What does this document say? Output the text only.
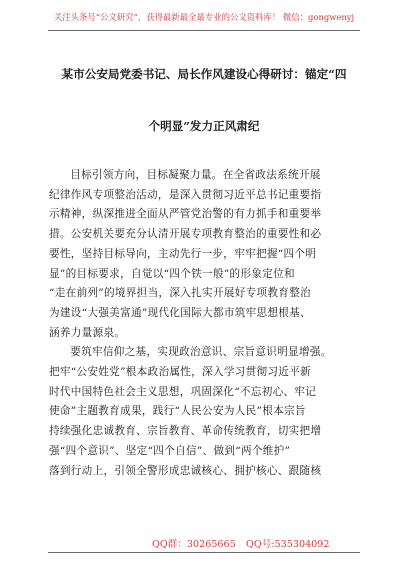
关注头条号“公文研究”，获得最新最全最专业的公文资料库！ 微信：gongwenyj
某市公安局党委书记、局长作风建设心得研讨：锚定“四
个明显”发力正风肃纪

目标引领方向，目标凝聚力量。在全省政法系统开展
纪律作风专项整治活动，是深入贯彻习近平总书记重要指
示精神，纵深推进全面从严管党治警的有力抓手和重要举
措。公安机关要充分认清开展专项教育整治的重要性和必
要性，坚持目标导向，主动先行一步，牢牢把握“四个明
显”的目标要求，自觉以“四个铁一般”的形象定位和
“走在前列”的境界担当，深入扎实开展好专项教育整治
为建设“大强美富通”现代化国际大都市筑牢思想根基、
涵养力量源泉。

要筑牢信仰之基，实现政治意识、宗旨意识明显增强。
把牢“公安姓党”根本政治属性，深入学习贯彻习近平新
时代中国特色社会主义思想，巩固深化“不忘初心、牢记
使命”主题教育成果，践行“人民公安为人民”根本宗旨
持续强化忠诚教育、宗旨教育、革命传统教育，切实把增
强“四个意识”、坚定“四个自信”、做到“两个维护”
落到行动上，引领全警形成忠诚核心、拥护核心、跟随核

QQ群：30265665 QQ号:535304092
